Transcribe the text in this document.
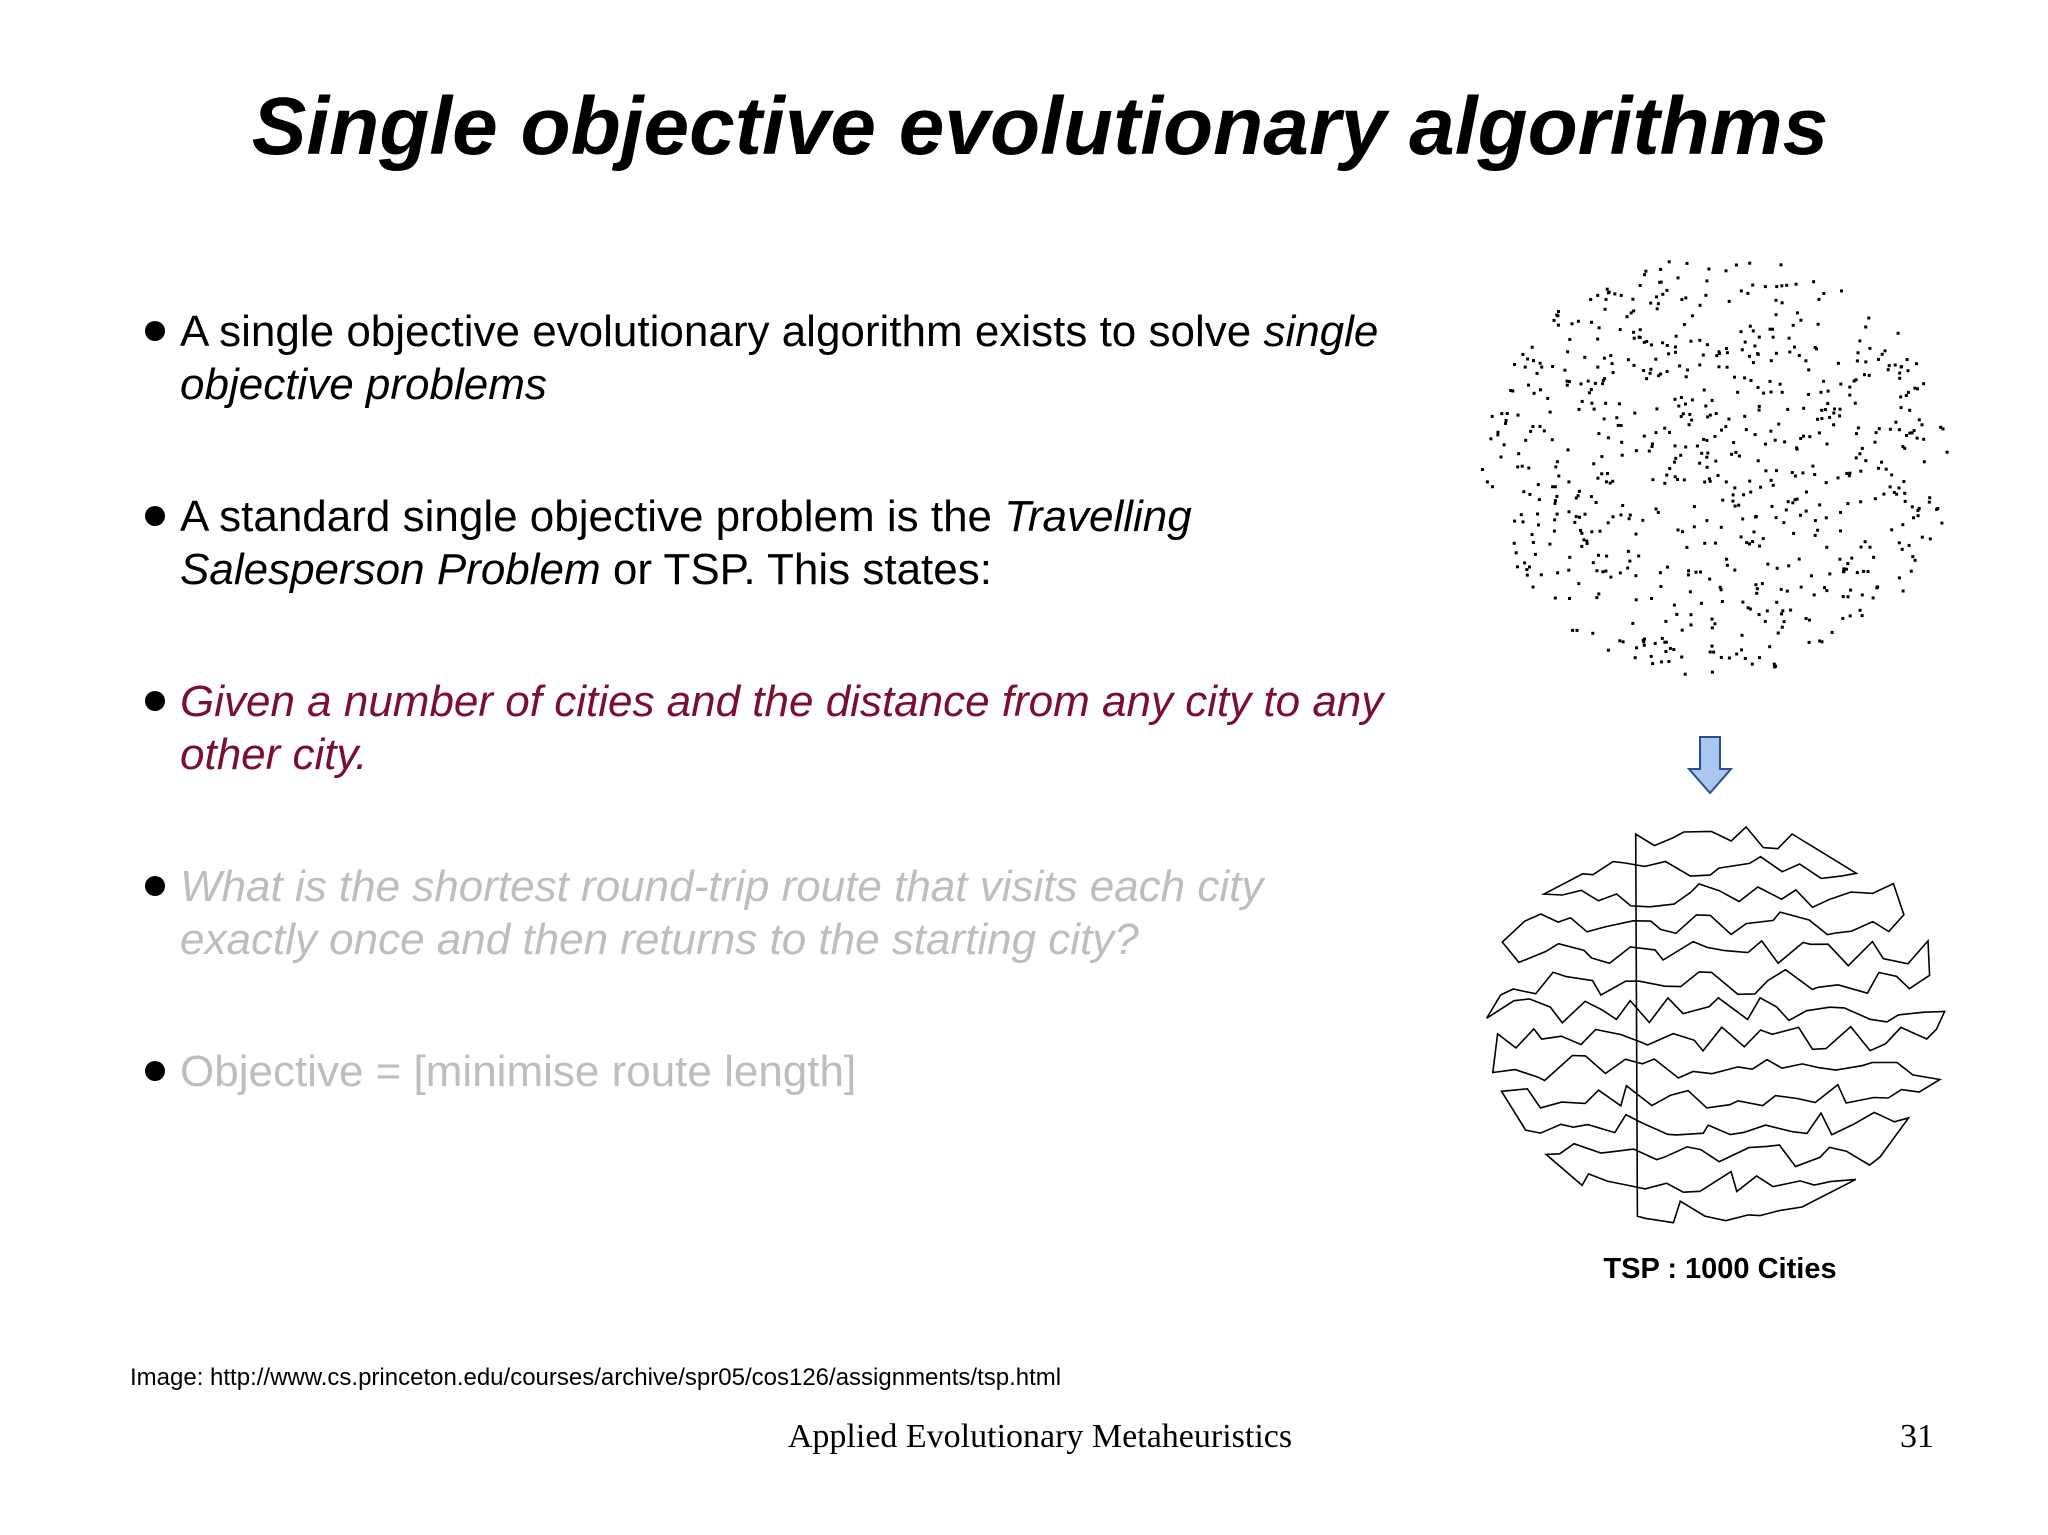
Single objective evolutionary algorithms
A single objective evolutionary algorithm exists to solve single objective problems
A standard single objective problem is the Travelling Salesperson Problem or TSP. This states:
Given a number of cities and the distance from any city to any other city.
What is the shortest round-trip route that visits each city exactly once and then returns to the starting city?
Objective = [minimise route length]
TSP : 1000 Cities
Image: http://www.cs.princeton.edu/courses/archive/spr05/cos126/assignments/tsp.html
Applied Evolutionary Metaheuristics	31
